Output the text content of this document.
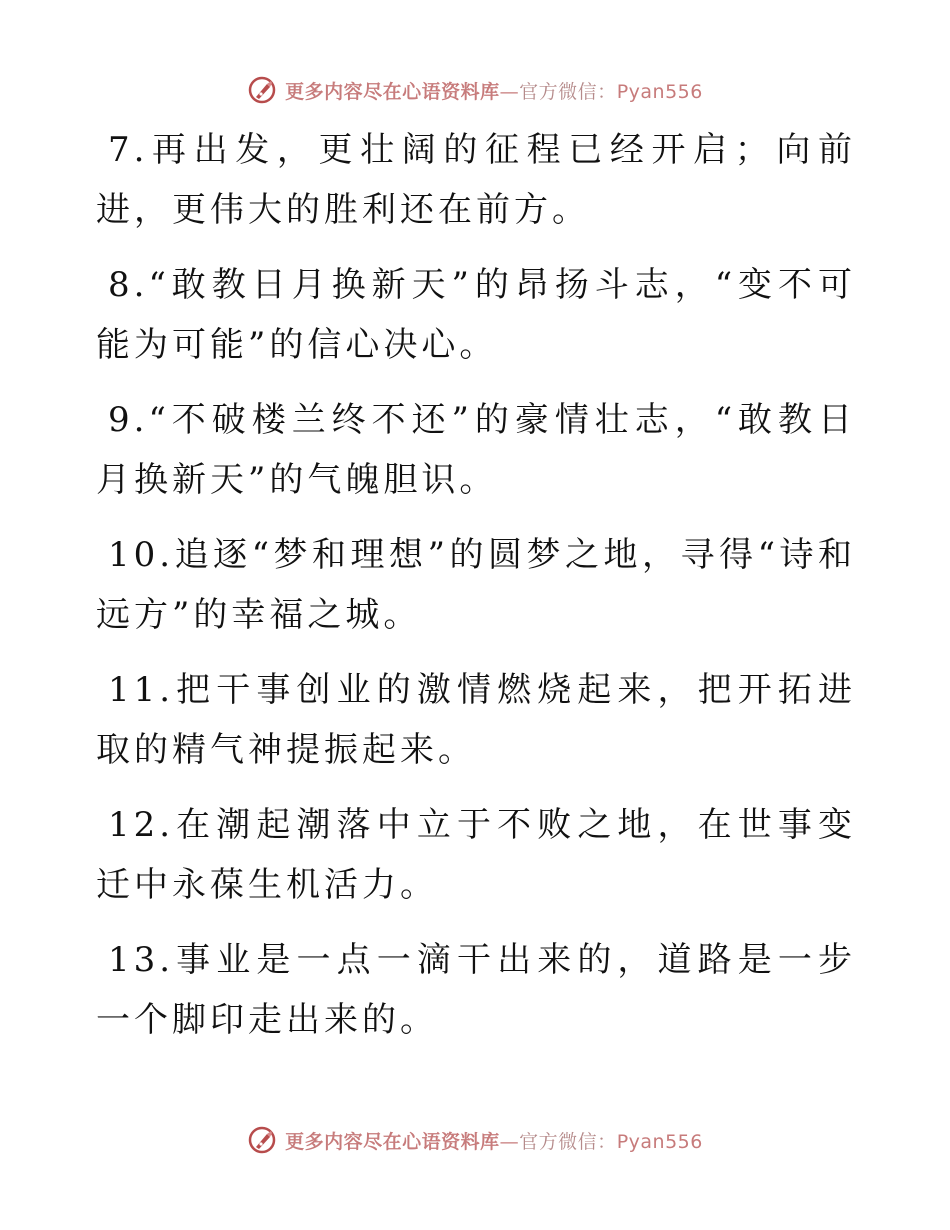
更多内容尽在心语资料库—官方微信：Pyan556

7.再出发，更壮阔的征程已经开启；向前进，更伟大的胜利还在前方。

8.“敢教日月换新天”的昂扬斗志，“变不可能为可能”的信心决心。

9.“不破楼兰终不还”的豪情壮志，“敢教日月换新天”的气魄胆识。

10.追逐“梦和理想”的圆梦之地，寻得“诗和远方”的幸福之城。

11.把干事创业的激情燃烧起来，把开拓进取的精气神提振起来。

12.在潮起潮落中立于不败之地，在世事变迁中永葆生机活力。

13.事业是一点一滴干出来的，道路是一步一个脚印走出来的。

更多内容尽在心语资料库—官方微信：Pyan556
